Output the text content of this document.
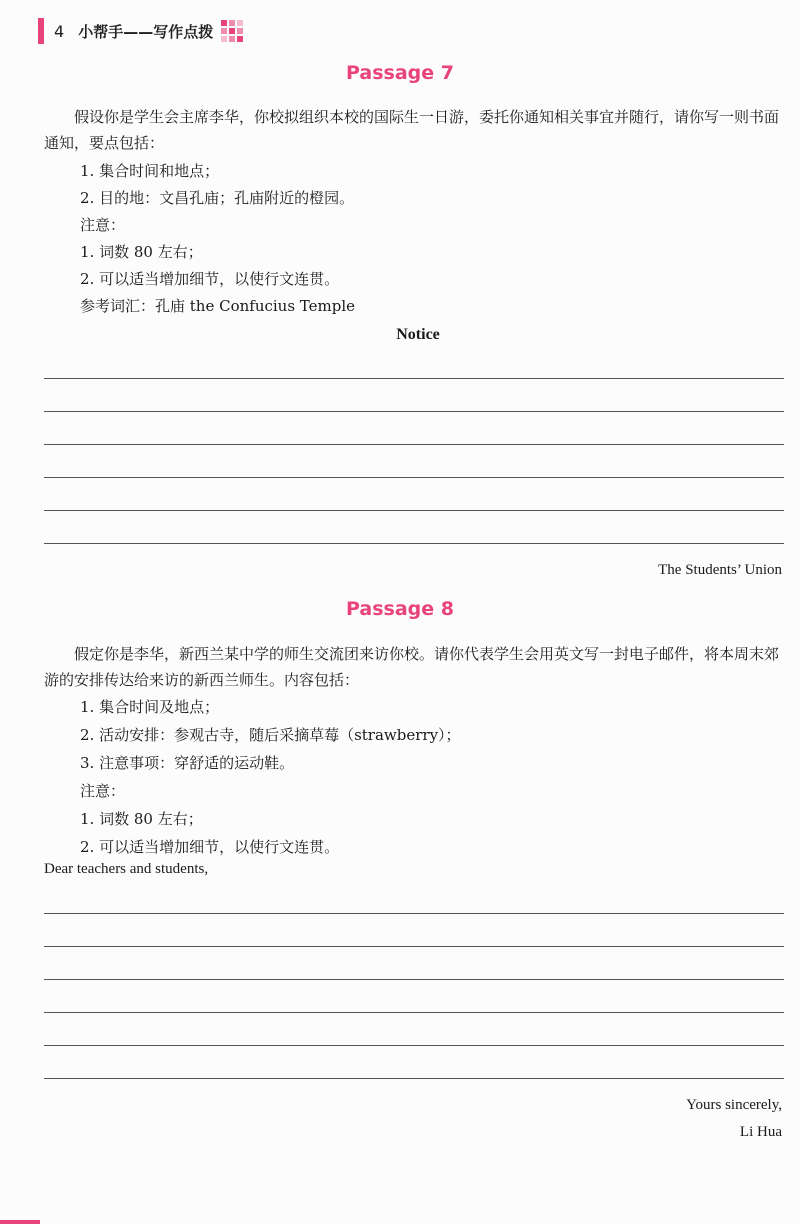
4 小帮手——写作点拨
Passage 7
假设你是学生会主席李华，你校拟组织本校的国际生一日游，委托你通知相关事宜并随行，请你写一则书面通知，要点包括：
1. 集合时间和地点；
2. 目的地：文昌孔庙；孔庙附近的橙园。
注意：
1. 词数 80 左右；
2. 可以适当增加细节，以使行文连贯。
参考词汇：孔庙 the Confucius Temple
Notice
The Students’ Union
Passage 8
假定你是李华，新西兰某中学的师生交流团来访你校。请你代表学生会用英文写一封电子邮件，将本周末郊游的安排传达给来访的新西兰师生。内容包括：
1. 集合时间及地点；
2. 活动安排：参观古寺，随后采摘草莓（strawberry）；
3. 注意事项：穿舒适的运动鞋。
注意：
1. 词数 80 左右；
2. 可以适当增加细节，以使行文连贯。
Dear teachers and students,
Yours sincerely,
Li Hua
